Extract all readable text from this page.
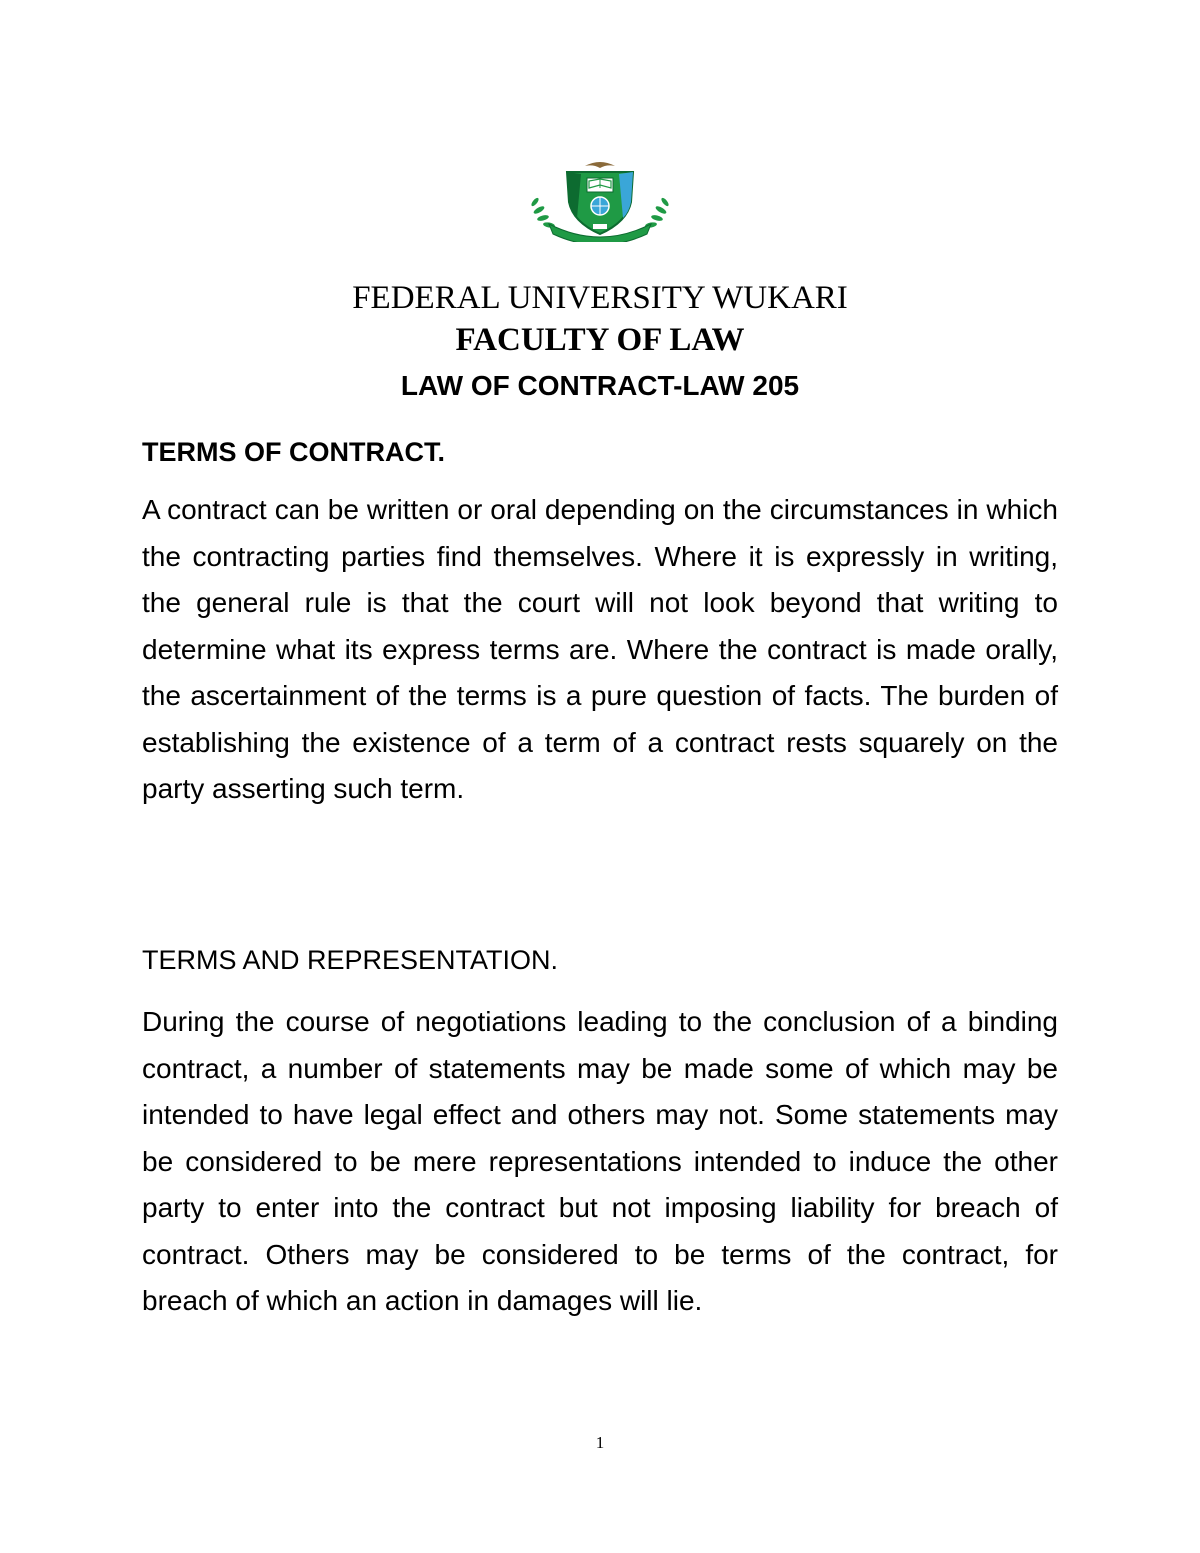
FEDERAL UNIVERSITY WUKARI
FACULTY OF LAW
LAW OF CONTRACT-LAW 205
TERMS OF CONTRACT.
A contract can be written or oral depending on the circumstances in which the contracting parties find themselves. Where it is expressly in writing, the general rule is that the court will not look beyond that writing to determine what its express terms are. Where the contract is made orally, the ascertainment of the terms is a pure question of facts. The burden of establishing the existence of a term of a contract rests squarely on the party asserting such term.
TERMS AND REPRESENTATION.
During the course of negotiations leading to the conclusion of a binding contract, a number of statements may be made some of which may be intended to have legal effect and others may not. Some statements may be considered to be mere representations intended to induce the other party to enter into the contract but not imposing liability for breach of contract. Others may be considered to be terms of the contract, for breach of which an action in damages will lie.
1
